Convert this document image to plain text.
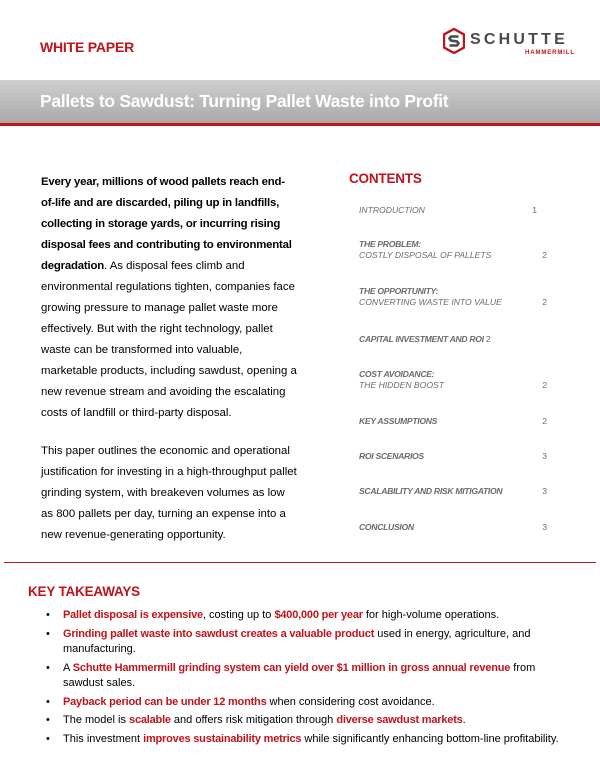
WHITE PAPER	SCHUTTE
HAMMERMILL
Pallets to Sawdust: Turning Pallet Waste into Profit

Every year, millions of wood pallets reach end-of-life and are discarded, piling up in landfills, collecting in storage yards, or incurring rising disposal fees and contributing to environmental degradation. As disposal fees climb and environmental regulations tighten, companies face growing pressure to manage pallet waste more effectively. But with the right technology, pallet waste can be transformed into valuable, marketable products, including sawdust, opening a new revenue stream and avoiding the escalating costs of landfill or third-party disposal.

This paper outlines the economic and operational justification for investing in a high-throughput pallet grinding system, with breakeven volumes as low as 800 pallets per day, turning an expense into a new revenue-generating opportunity.

CONTENTS
INTRODUCTION	1
THE PROBLEM:
COSTLY DISPOSAL OF PALLETS	2
THE OPPORTUNITY:
CONVERTING WASTE INTO VALUE	2
CAPITAL INVESTMENT AND ROI 2
COST AVOIDANCE:
THE HIDDEN BOOST	2
KEY ASSUMPTIONS	2
ROI SCENARIOS	3
SCALABILITY AND RISK MITIGATION	3
CONCLUSION	3
KEY TAKEAWAYS
• Pallet disposal is expensive, costing up to $400,000 per year for high-volume operations.
• Grinding pallet waste into sawdust creates a valuable product used in energy, agriculture, and manufacturing.
• A Schutte Hammermill grinding system can yield over $1 million in gross annual revenue from sawdust sales.
• Payback period can be under 12 months when considering cost avoidance.
• The model is scalable and offers risk mitigation through diverse sawdust markets.
• This investment improves sustainability metrics while significantly enhancing bottom-line profitability.
